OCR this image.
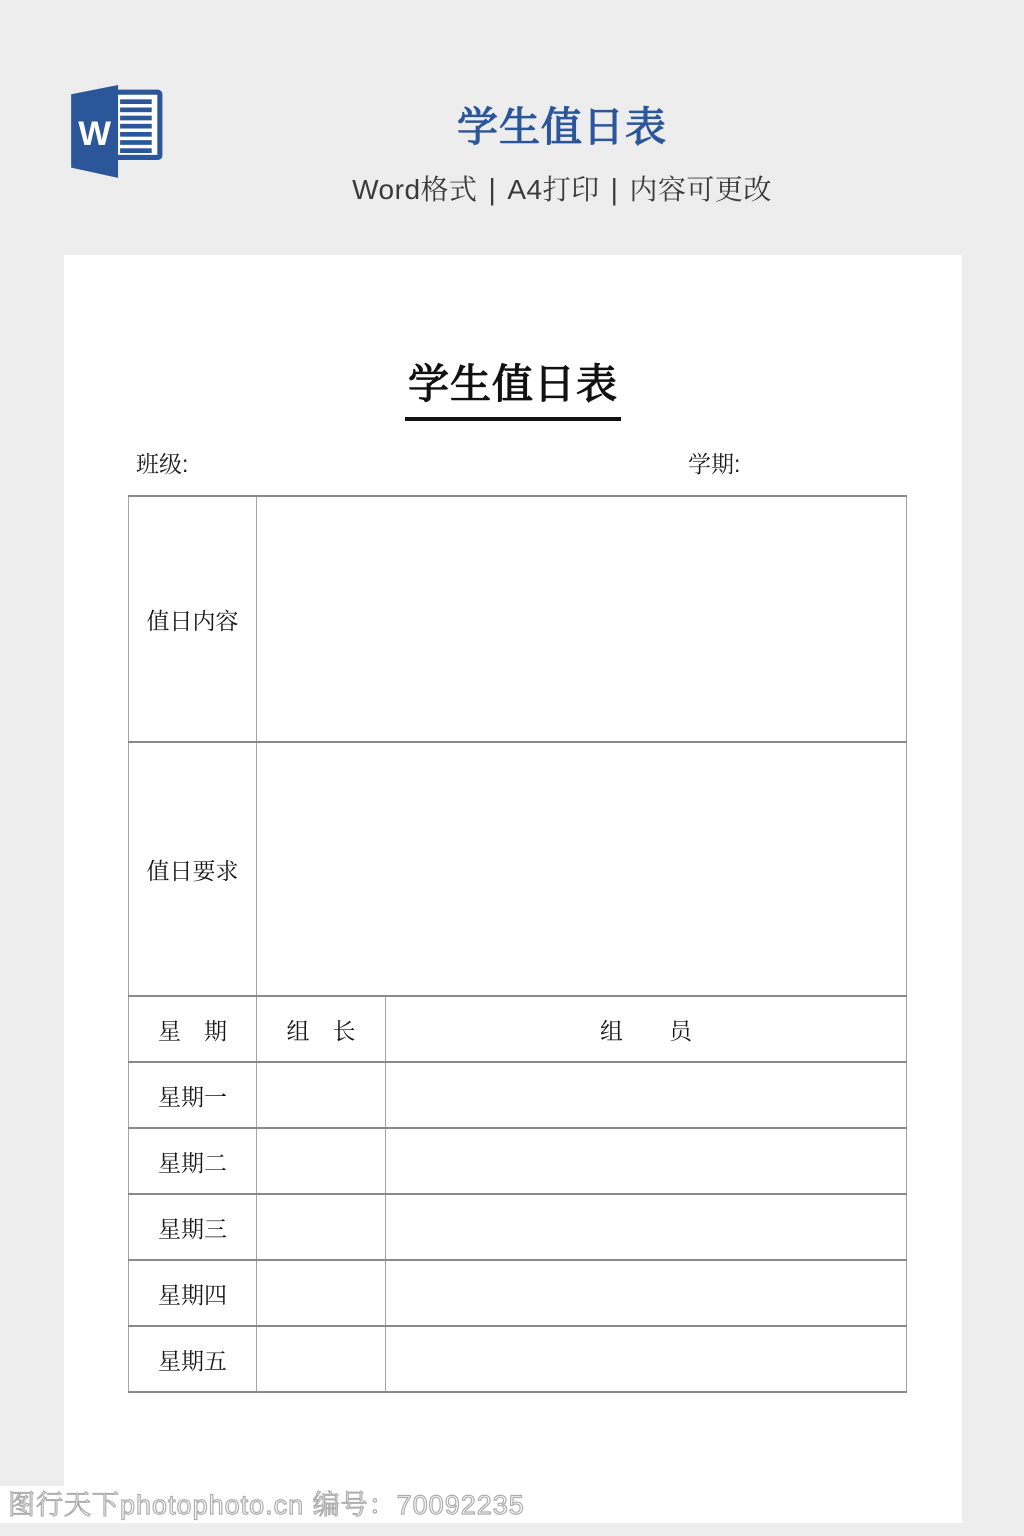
W	学生值日表
Word格式 | A4打印 | 内容可更改
学生值日表
班级:	学期:
值日内容		
值日要求		
星　期	组　长	组　　员
星期一		
星期二		
星期三		
星期四		
星期五		
图行天下photophoto.cn 编号：70092235
